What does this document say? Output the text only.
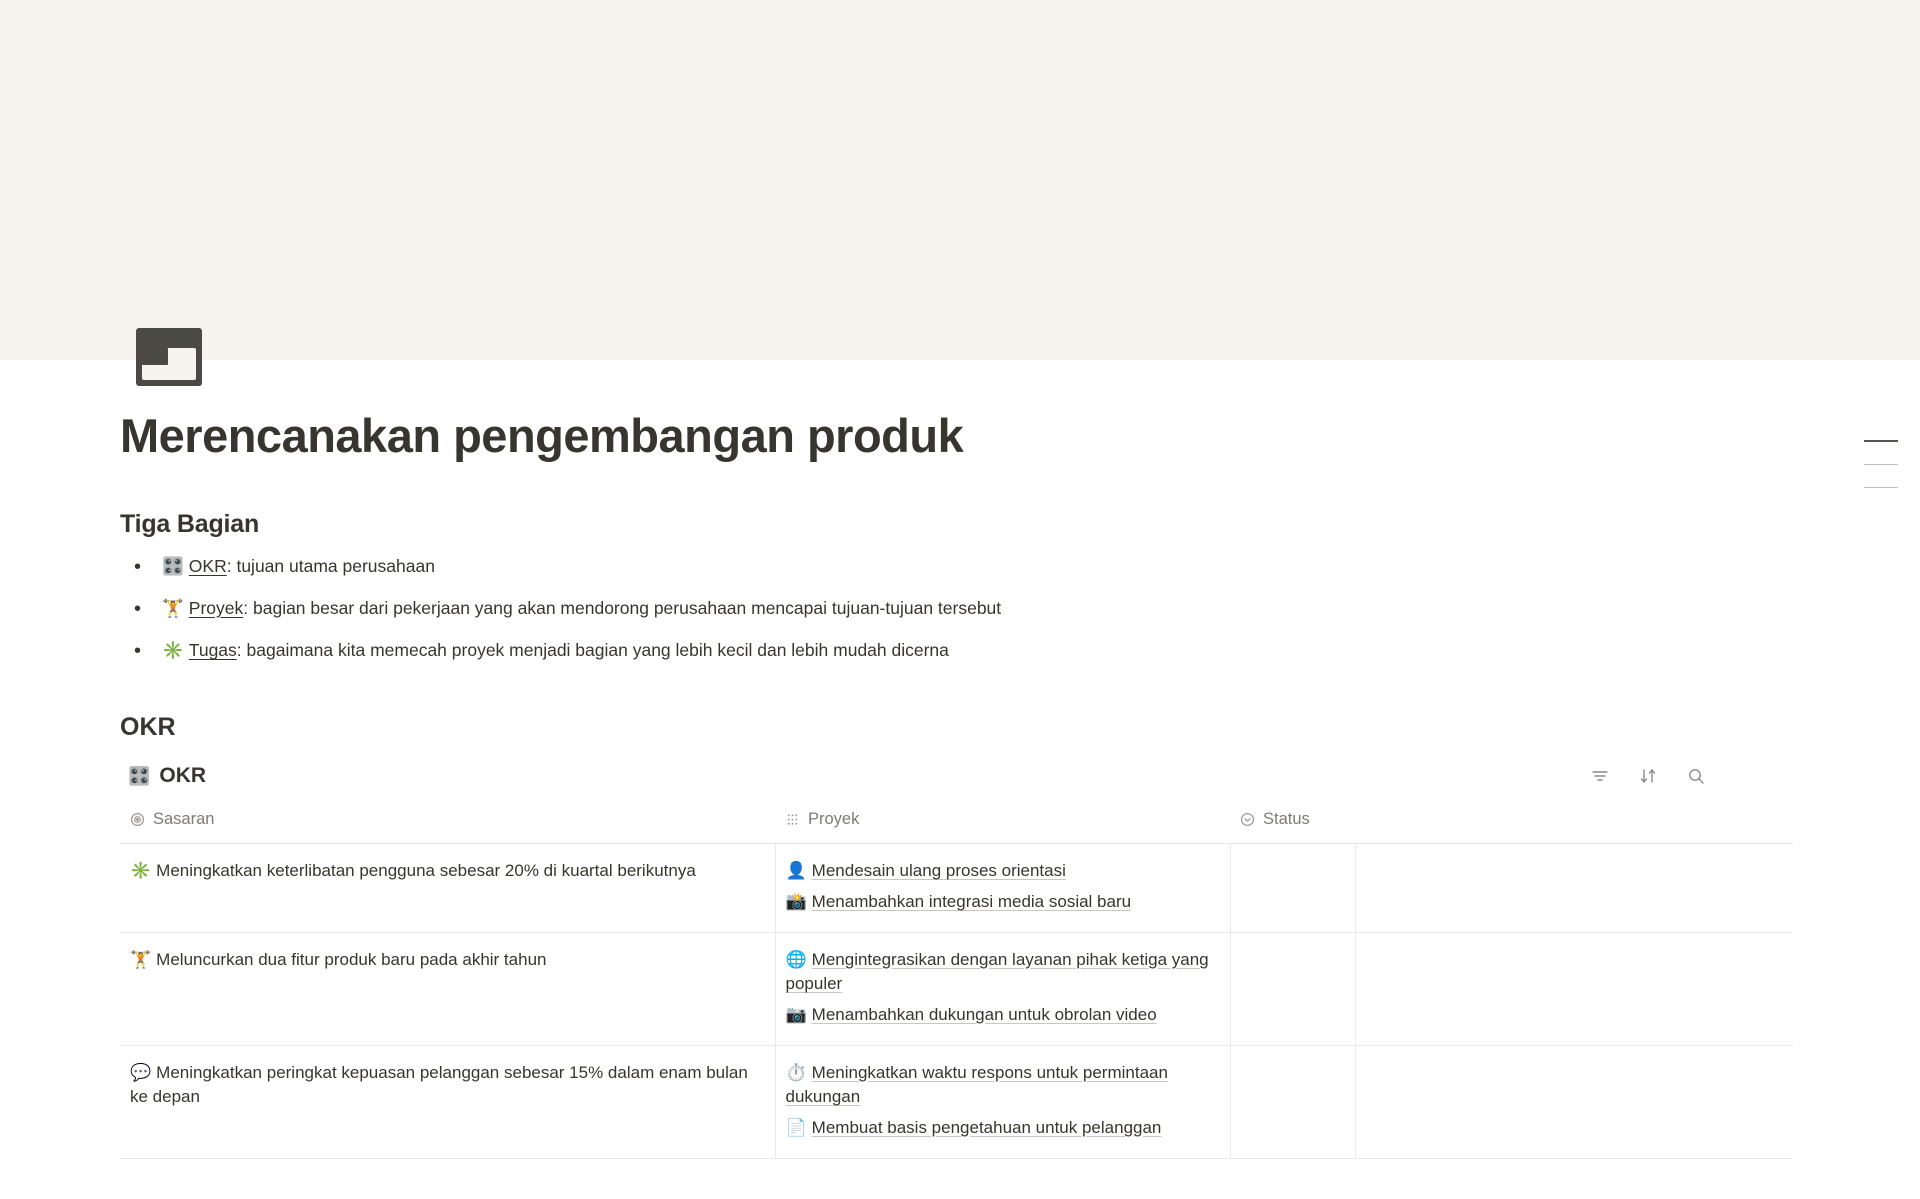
Merencanakan pengembangan produk
Tiga Bagian
• 🎛️ OKR: tujuan utama perusahaan
• 🏋️ Proyek: bagian besar dari pekerjaan yang akan mendorong perusahaan mencapai tujuan-tujuan tersebut
• ✳️ Tugas: bagaimana kita memecah proyek menjadi bagian yang lebih kecil dan lebih mudah dicerna
OKR
🎛️ OKR
Sasaran	Proyek	Status	

✳️ Meningkatkan keterlibatan pengguna sebesar 20% di kuartal berikutnya	👤 Mendesain ulang proses orientasi
📸 Menambahkan integrasi media sosial baru		

🏋️ Meluncurkan dua fitur produk baru pada akhir tahun	🌐 Mengintegrasikan dengan layanan pihak ketiga yang populer
📷 Menambahkan dukungan untuk obrolan video		

💬 Meningkatkan peringkat kepuasan pelanggan sebesar 15% dalam enam bulan ke depan	⏱️ Meningkatkan waktu respons untuk permintaan dukungan
📄 Membuat basis pengetahuan untuk pelanggan		
